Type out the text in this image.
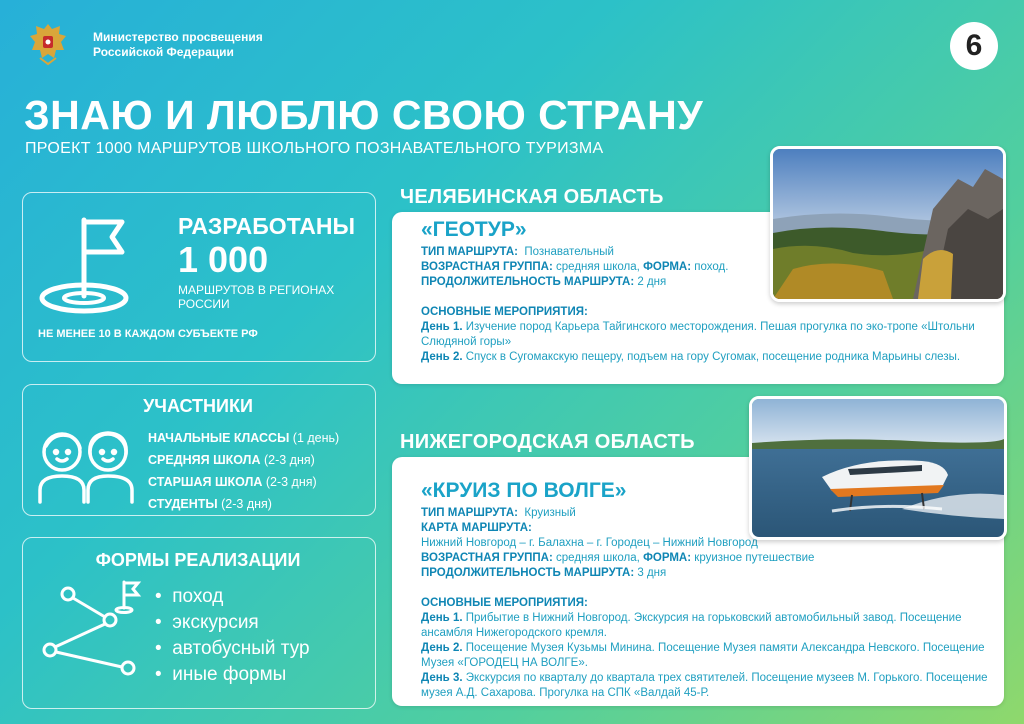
Министерство просвещения
Российской Федерации	6
ЗНАЮ И ЛЮБЛЮ СВОЮ СТРАНУ
ПРОЕКТ 1000 МАРШРУТОВ ШКОЛЬНОГО ПОЗНАВАТЕЛЬНОГО ТУРИЗМА
РАЗРАБОТАНЫ
1 000
МАРШРУТОВ В РЕГИОНАХ РОССИИ
НЕ МЕНЕЕ 10 В КАЖДОМ СУБЪЕКТЕ РФ
УЧАСТНИКИ
НАЧАЛЬНЫЕ КЛАССЫ (1 день)
СРЕДНЯЯ ШКОЛА (2-3 дня)
СТАРШАЯ ШКОЛА (2-3 дня)
СТУДЕНТЫ (2-3 дня)
ФОРМЫ РЕАЛИЗАЦИИ
•  поход
•  экскурсия
•  автобусный тур
•  иные формы
ЧЕЛЯБИНСКАЯ ОБЛАСТЬ
«ГЕОТУР»
ТИП МАРШРУТА: Познавательный
ВОЗРАСТНАЯ ГРУППА: средняя школа, ФОРМА: поход.
ПРОДОЛЖИТЕЛЬНОСТЬ МАРШРУТА: 2 дня
ОСНОВНЫЕ МЕРОПРИЯТИЯ:
День 1. Изучение пород Карьера Тайгинского месторождения. Пешая прогулка по эко-тропе «Штольни Слюдяной горы»
День 2. Спуск в Сугомакскую пещеру, подъем на гору Сугомак, посещение родника Марьины слезы.
НИЖЕГОРОДСКАЯ ОБЛАСТЬ
«КРУИЗ ПО ВОЛГЕ»
ТИП МАРШРУТА: Круизный
КАРТА МАРШРУТА:
Нижний Новгород – г. Балахна – г. Городец – Нижний Новгород
ВОЗРАСТНАЯ ГРУППА: средняя школа, ФОРМА: круизное путешествие
ПРОДОЛЖИТЕЛЬНОСТЬ МАРШРУТА: 3 дня
ОСНОВНЫЕ МЕРОПРИЯТИЯ:
День 1. Прибытие в Нижний Новгород. Экскурсия на горьковский автомобильный завод. Посещение ансамбля Нижегородского кремля.
День 2. Посещение Музея Кузьмы Минина. Посещение Музея памяти Александра Невского. Посещение Музея «ГОРОДЕЦ НА ВОЛГЕ».
День 3. Экскурсия по кварталу до квартала трех святителей. Посещение музеев М. Горького. Посещение музея А.Д. Сахарова. Прогулка на СПК «Валдай 45-Р.
